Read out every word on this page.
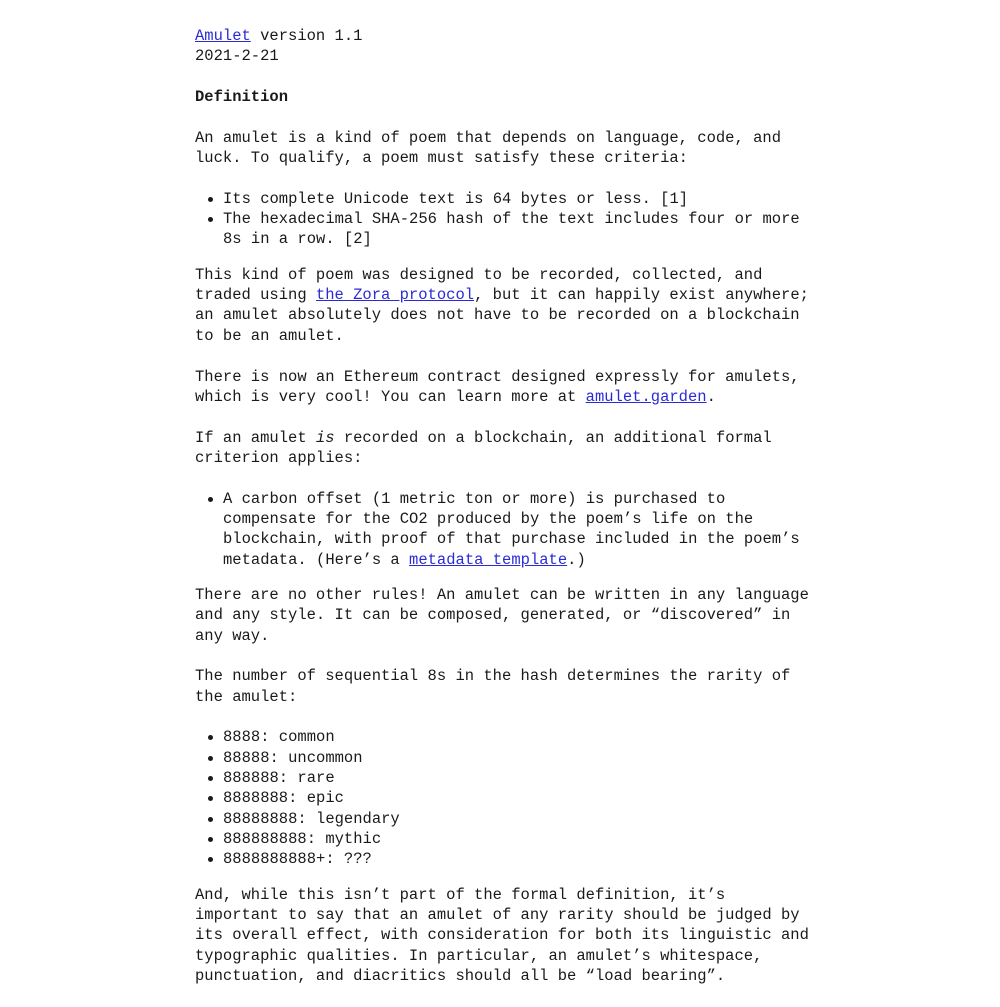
Amulet version 1.1
2021-2-21
Definition

An amulet is a kind of poem that depends on language, code, and luck. To qualify, a poem must satisfy these criteria:

Its complete Unicode text is 64 bytes or less. [1]
The hexadecimal SHA-256 hash of the text includes four or more 8s in a row. [2]

This kind of poem was designed to be recorded, collected, and traded using the Zora protocol, but it can happily exist anywhere; an amulet absolutely does not have to be recorded on a blockchain to be an amulet.

There is now an Ethereum contract designed expressly for amulets, which is very cool! You can learn more at amulet.garden.

If an amulet is recorded on a blockchain, an additional formal criterion applies:

A carbon offset (1 metric ton or more) is purchased to compensate for the CO2 produced by the poem’s life on the blockchain, with proof of that purchase included in the poem’s metadata. (Here’s a metadata template.)

There are no other rules! An amulet can be written in any language and any style. It can be composed, generated, or “discovered” in any way.

The number of sequential 8s in the hash determines the rarity of the amulet:

8888: common
88888: uncommon
888888: rare
8888888: epic
88888888: legendary
888888888: mythic
8888888888+: ???

And, while this isn’t part of the formal definition, it’s important to say that an amulet of any rarity should be judged by its overall effect, with consideration for both its linguistic and typographic qualities. In particular, an amulet’s whitespace, punctuation, and diacritics should all be “load bearing”.
